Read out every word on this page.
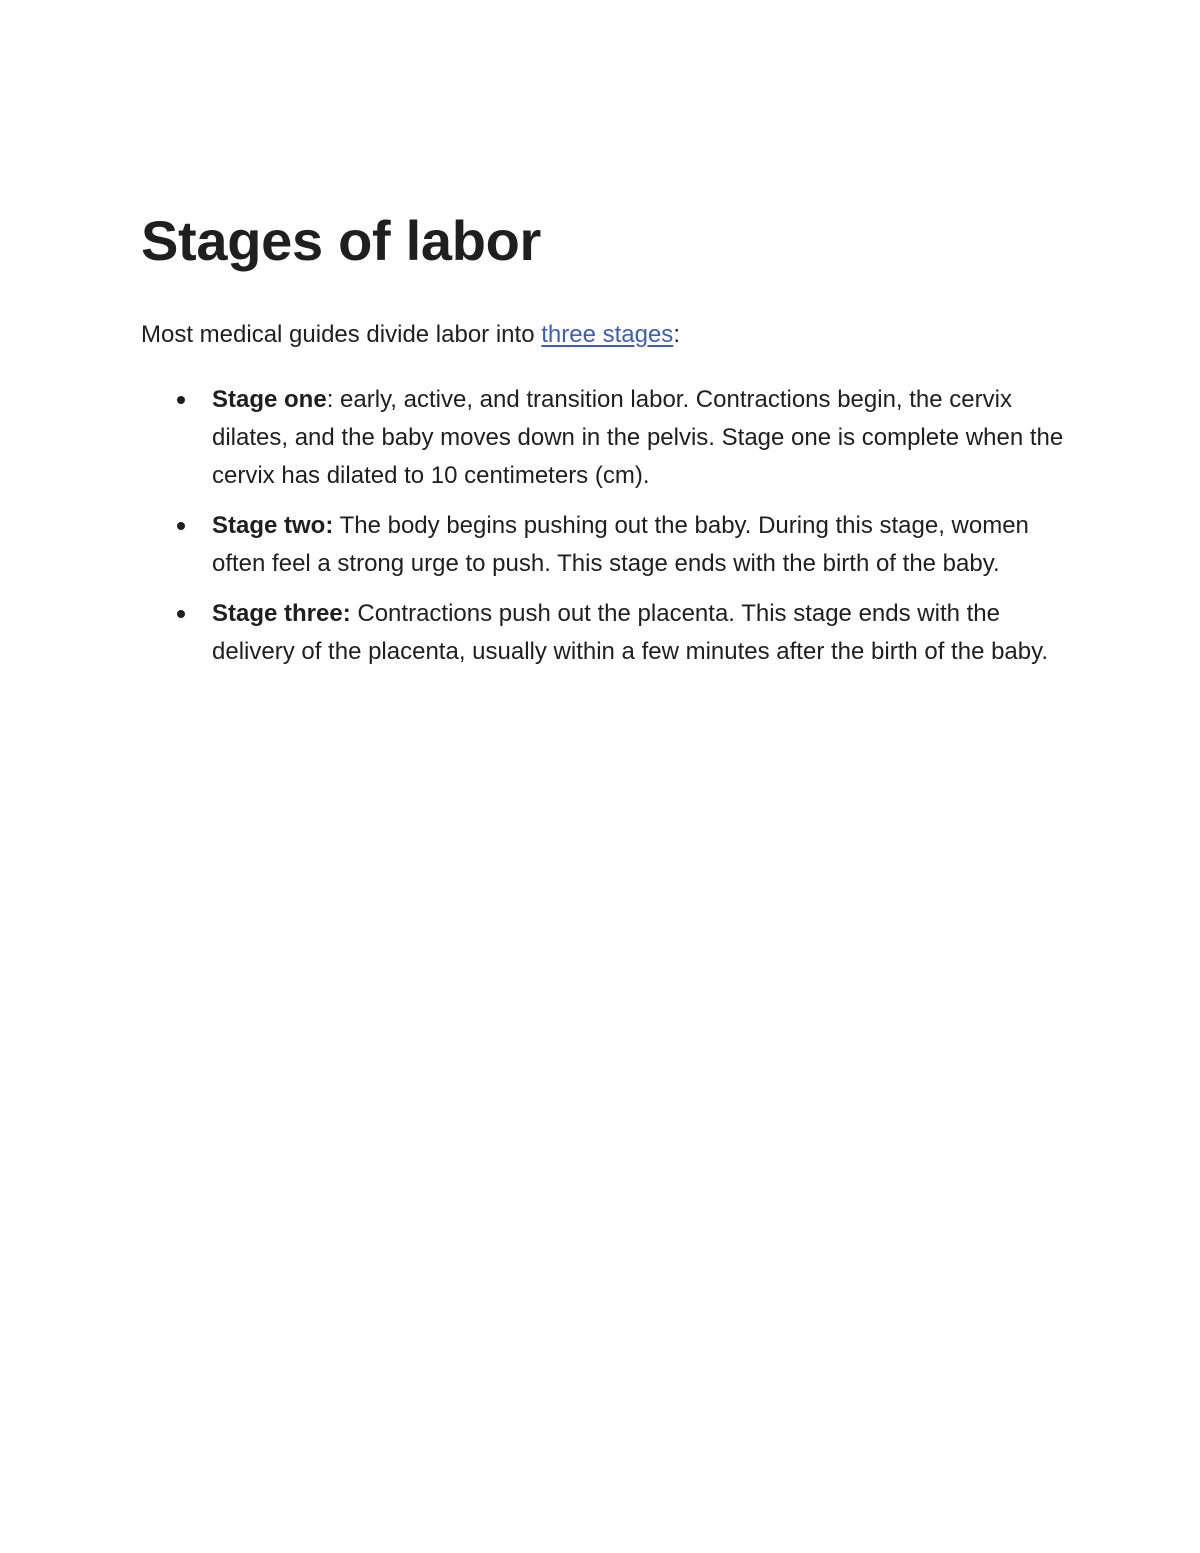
Stages of labor

Most medical guides divide labor into three stages:

Stage one: early, active, and transition labor. Contractions begin, the cervix dilates, and the baby moves down in the pelvis. Stage one is complete when the cervix has dilated to 10 centimeters (cm).
Stage two: The body begins pushing out the baby. During this stage, women often feel a strong urge to push. This stage ends with the birth of the baby.
Stage three: Contractions push out the placenta. This stage ends with the delivery of the placenta, usually within a few minutes after the birth of the baby.
